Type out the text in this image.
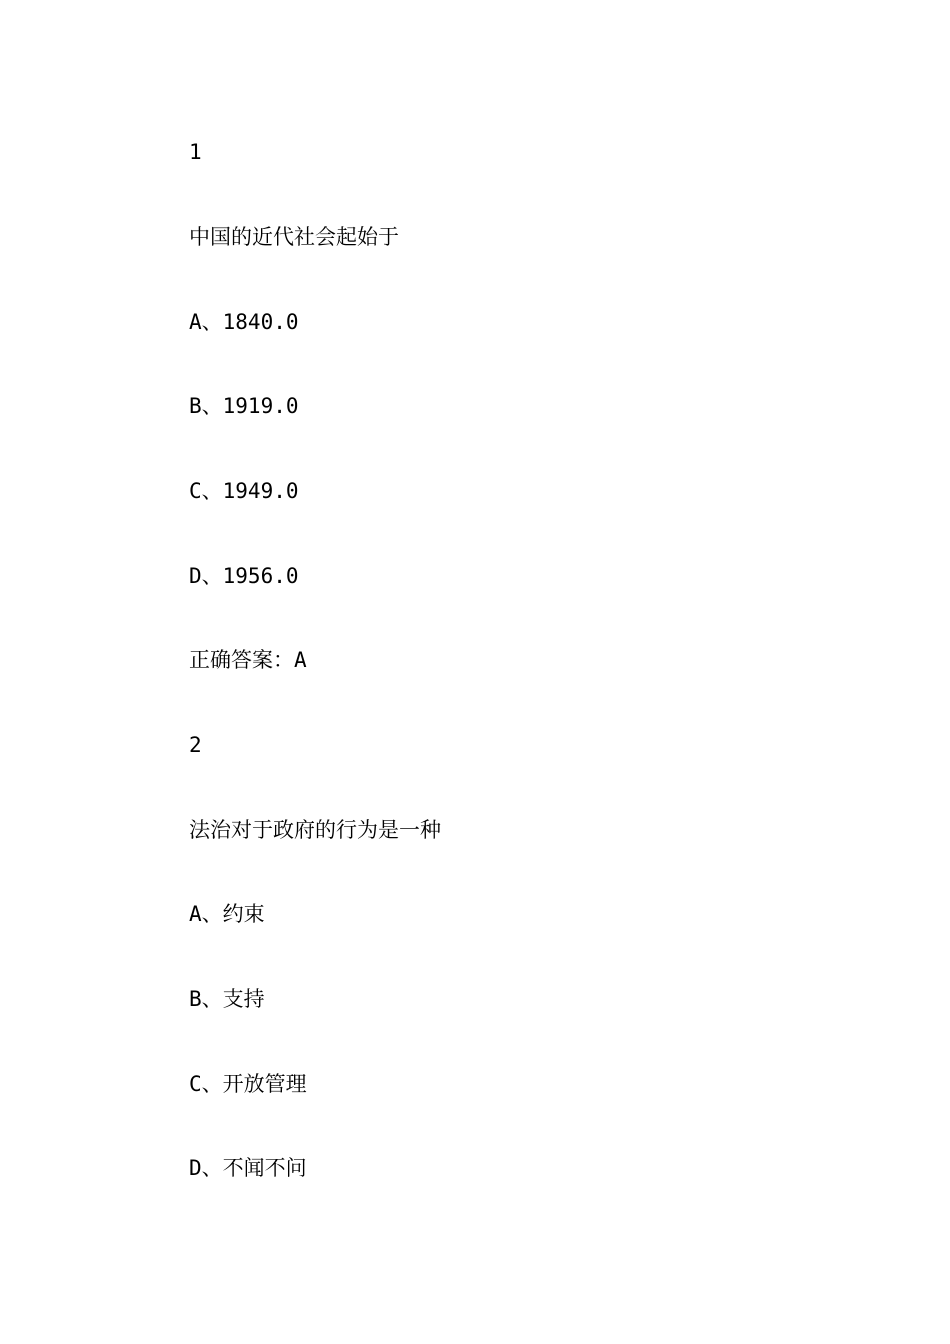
1
中国的近代社会起始于
A、1840.0
B、1919.0
C、1949.0
D、1956.0
正确答案：A
2
法治对于政府的行为是一种
A、约束
B、支持
C、开放管理
D、不闻不问
